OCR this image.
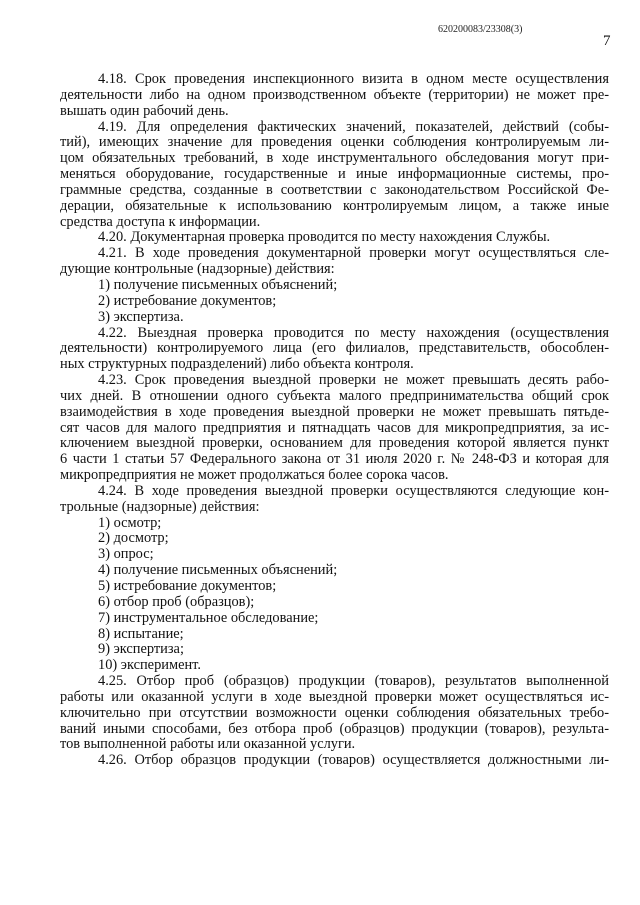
620200083/23308(3)
7
4.18. Срок проведения инспекционного визита в одном месте осуществления
деятельности либо на одном производственном объекте (территории) не может пре-
вышать один рабочий день.
4.19. Для определения фактических значений, показателей, действий (собы-
тий), имеющих значение для проведения оценки соблюдения контролируемым ли-
цом обязательных требований, в ходе инструментального обследования могут при-
меняться оборудование, государственные и иные информационные системы, про-
граммные средства, созданные в соответствии с законодательством Российской Фе-
дерации, обязательные к использованию контролируемым лицом, а также иные
средства доступа к информации.
4.20. Документарная проверка проводится по месту нахождения Службы.
4.21. В ходе проведения документарной проверки могут осуществляться сле-
дующие контрольные (надзорные) действия:
1) получение письменных объяснений;
2) истребование документов;
3) экспертиза.
4.22. Выездная проверка проводится по месту нахождения (осуществления
деятельности) контролируемого лица (его филиалов, представительств, обособлен-
ных структурных подразделений) либо объекта контроля.
4.23. Срок проведения выездной проверки не может превышать десять рабо-
чих дней. В отношении одного субъекта малого предпринимательства общий срок
взаимодействия в ходе проведения выездной проверки не может превышать пятьде-
сят часов для малого предприятия и пятнадцать часов для микропредприятия, за ис-
ключением выездной проверки, основанием для проведения которой является пункт
6 части 1 статьи 57 Федерального закона от 31 июля 2020 г. № 248-ФЗ и которая для
микропредприятия не может продолжаться более сорока часов.
4.24. В ходе проведения выездной проверки осуществляются следующие кон-
трольные (надзорные) действия:
1) осмотр;
2) досмотр;
3) опрос;
4) получение письменных объяснений;
5) истребование документов;
6) отбор проб (образцов);
7) инструментальное обследование;
8) испытание;
9) экспертиза;
10) эксперимент.
4.25. Отбор проб (образцов) продукции (товаров), результатов выполненной
работы или оказанной услуги в ходе выездной проверки может осуществляться ис-
ключительно при отсутствии возможности оценки соблюдения обязательных требо-
ваний иными способами, без отбора проб (образцов) продукции (товаров), результа-
тов выполненной работы или оказанной услуги.
4.26. Отбор образцов продукции (товаров) осуществляется должностными ли-
